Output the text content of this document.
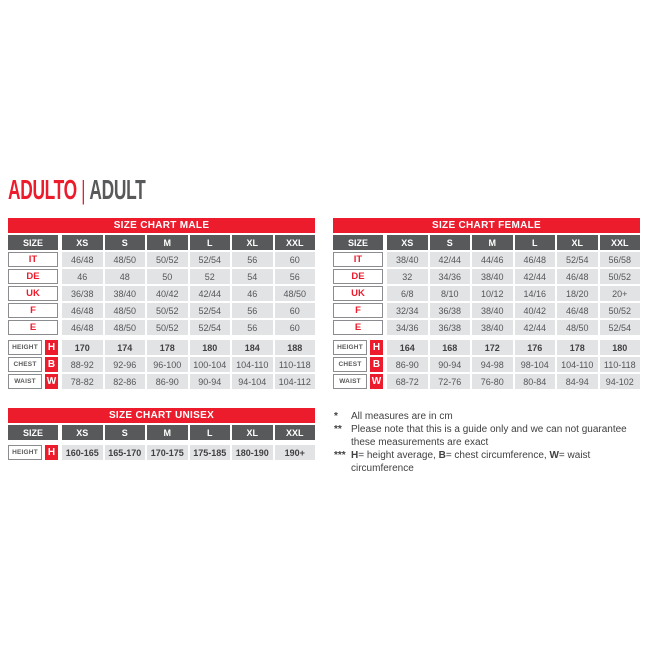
ADULTO | ADULT
SIZE CHART MALE
SIZE	XS	S	M	L	XL	XXL
IT	46/48	48/50	50/52	52/54	56	60
DE	46	48	50	52	54	56
UK	36/38	38/40	40/42	42/44	46	48/50
F	46/48	48/50	50/52	52/54	56	60
E	46/48	48/50	50/52	52/54	56	60
HEIGHT	H	170	174	178	180	184	188
CHEST	B	88-92	92-96	96-100	100-104	104-110	110-118
WAIST	W	78-82	82-86	86-90	90-94	94-104	104-112
SIZE CHART FEMALE
SIZE	XS	S	M	L	XL	XXL
IT	38/40	42/44	44/46	46/48	52/54	56/58
DE	32	34/36	38/40	42/44	46/48	50/52
UK	6/8	8/10	10/12	14/16	18/20	20+
F	32/34	36/38	38/40	40/42	46/48	50/52
E	34/36	36/38	38/40	42/44	48/50	52/54
HEIGHT	H	164	168	172	176	178	180
CHEST	B	86-90	90-94	94-98	98-104	104-110	110-118
WAIST	W	68-72	72-76	76-80	80-84	84-94	94-102
SIZE CHART UNISEX
SIZE	XS	S	M	L	XL	XXL
HEIGHT	H	160-165	165-170	170-175	175-185	180-190	190+
*	All measures are in cm
** Please note that this is a guide only and we can not guarantee these measurements are exact
*** H= height average, B= chest circumference, W= waist circumference
